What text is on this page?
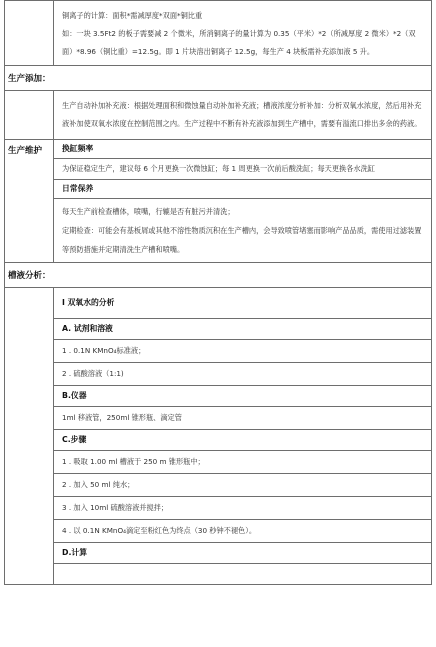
	铜离子的计算：面积*需减厚度*双面*铜比重

如：一块 3.5Ft2 的板子需要减 2 个微米，所消铜离子的量计算为 0.35（平米）*2（所减厚度 2 微米）*2（双面）*8.96（铜比重）=12.5g。即 1 片块溶出铜离子 12.5g，每生产 4 块板需补充添加液 5 升。

生产添加：	

	生产自动补加补充液：根据处理面积和微蚀量自动补加补充液；槽液浓度分析补加：分析双氧水浓度，然后用补充液补加使双氧水浓度在控制范围之内。生产过程中不断有补充液添加到生产槽中，需要有溢流口排出多余的药液。

生产维护	换缸频率

	为保证稳定生产，建议每 6 个月更换一次微蚀缸；每 1 周更换一次前后酸洗缸；每天更换各水洗缸

	日常保养

	每天生产前检查槽体，喷嘴，行辘是否有脏污并清洗；

定期检查：可能会有基板屑或其他不溶性物质沉积在生产槽内，会导致喷管堵塞而影响产品品质，需使用过滤装置等预防措施并定期清洗生产槽和喷嘴。

槽液分析：	

	Ⅰ 双氧水的分析

	A. 试剂和溶液

	1 . 0.1N KMnO₄标准液；

	2 . 硫酸溶液（1:1)

	B.仪器

	1ml 移液管，250ml 锥形瓶、滴定管

	C.步骤

	1 . 吸取 1.00 ml 槽液于 250 m 锥形瓶中；

	2 . 加入 50 ml 纯水；

	3 . 加入 10ml 硫酸溶液并搅拌；

	4 . 以 0.1N KMnO₄滴定至粉红色为终点（30 秒钟不褪色）。

	D.计算
